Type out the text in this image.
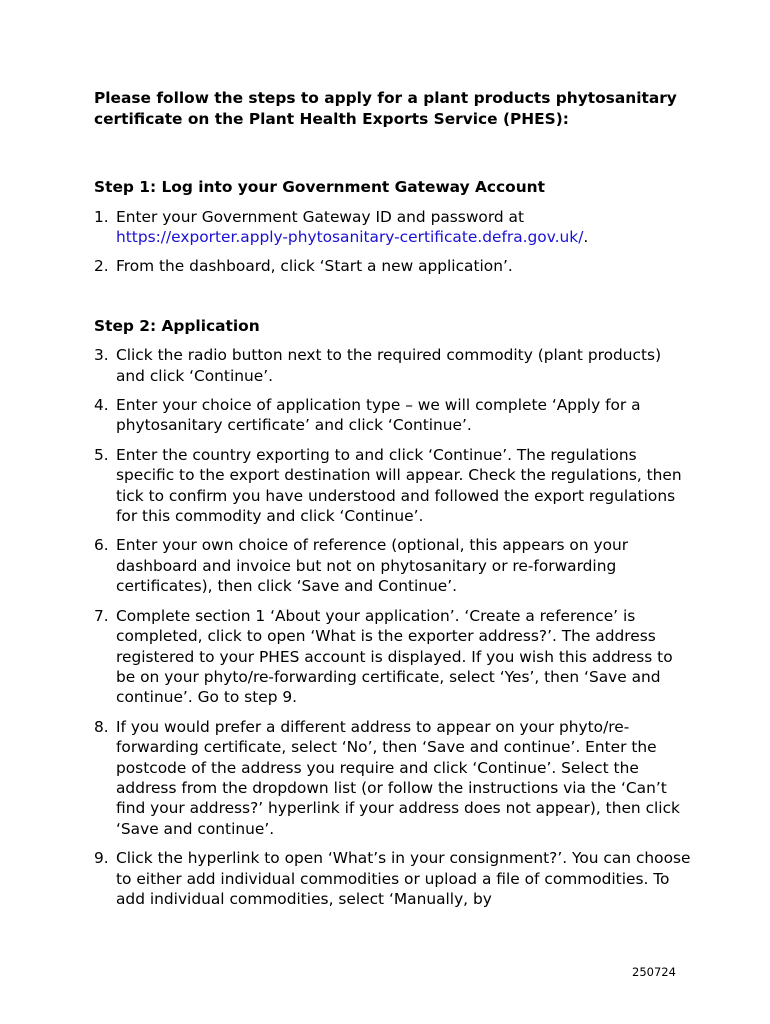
Please follow the steps to apply for a plant products phytosanitary certificate on the Plant Health Exports Service (PHES):

Step 1: Log into your Government Gateway Account

1. Enter your Government Gateway ID and password at https://exporter.apply-phytosanitary-certificate.defra.gov.uk/.
2. From the dashboard, click ‘Start a new application’.

Step 2: Application

3. Click the radio button next to the required commodity (plant products) and click ‘Continue’.
4. Enter your choice of application type – we will complete ‘Apply for a phytosanitary certificate’ and click ‘Continue’.
5. Enter the country exporting to and click ‘Continue’. The regulations specific to the export destination will appear. Check the regulations, then tick to confirm you have understood and followed the export regulations for this commodity and click ‘Continue’.
6. Enter your own choice of reference (optional, this appears on your dashboard and invoice but not on phytosanitary or re-forwarding certificates), then click ‘Save and Continue’.
7. Complete section 1 ‘About your application’. ‘Create a reference’ is completed, click to open ‘What is the exporter address?’. The address registered to your PHES account is displayed. If you wish this address to be on your phyto/re-forwarding certificate, select ‘Yes’, then ‘Save and continue’. Go to step 9.
8. If you would prefer a different address to appear on your phyto/re-forwarding certificate, select ‘No’, then ‘Save and continue’. Enter the postcode of the address you require and click ‘Continue’. Select the address from the dropdown list (or follow the instructions via the ‘Can’t find your address?’ hyperlink if your address does not appear), then click ‘Save and continue’.
9. Click the hyperlink to open ‘What’s in your consignment?’. You can choose to either add individual commodities or upload a file of commodities. To add individual commodities, select ‘Manually, by
250724
